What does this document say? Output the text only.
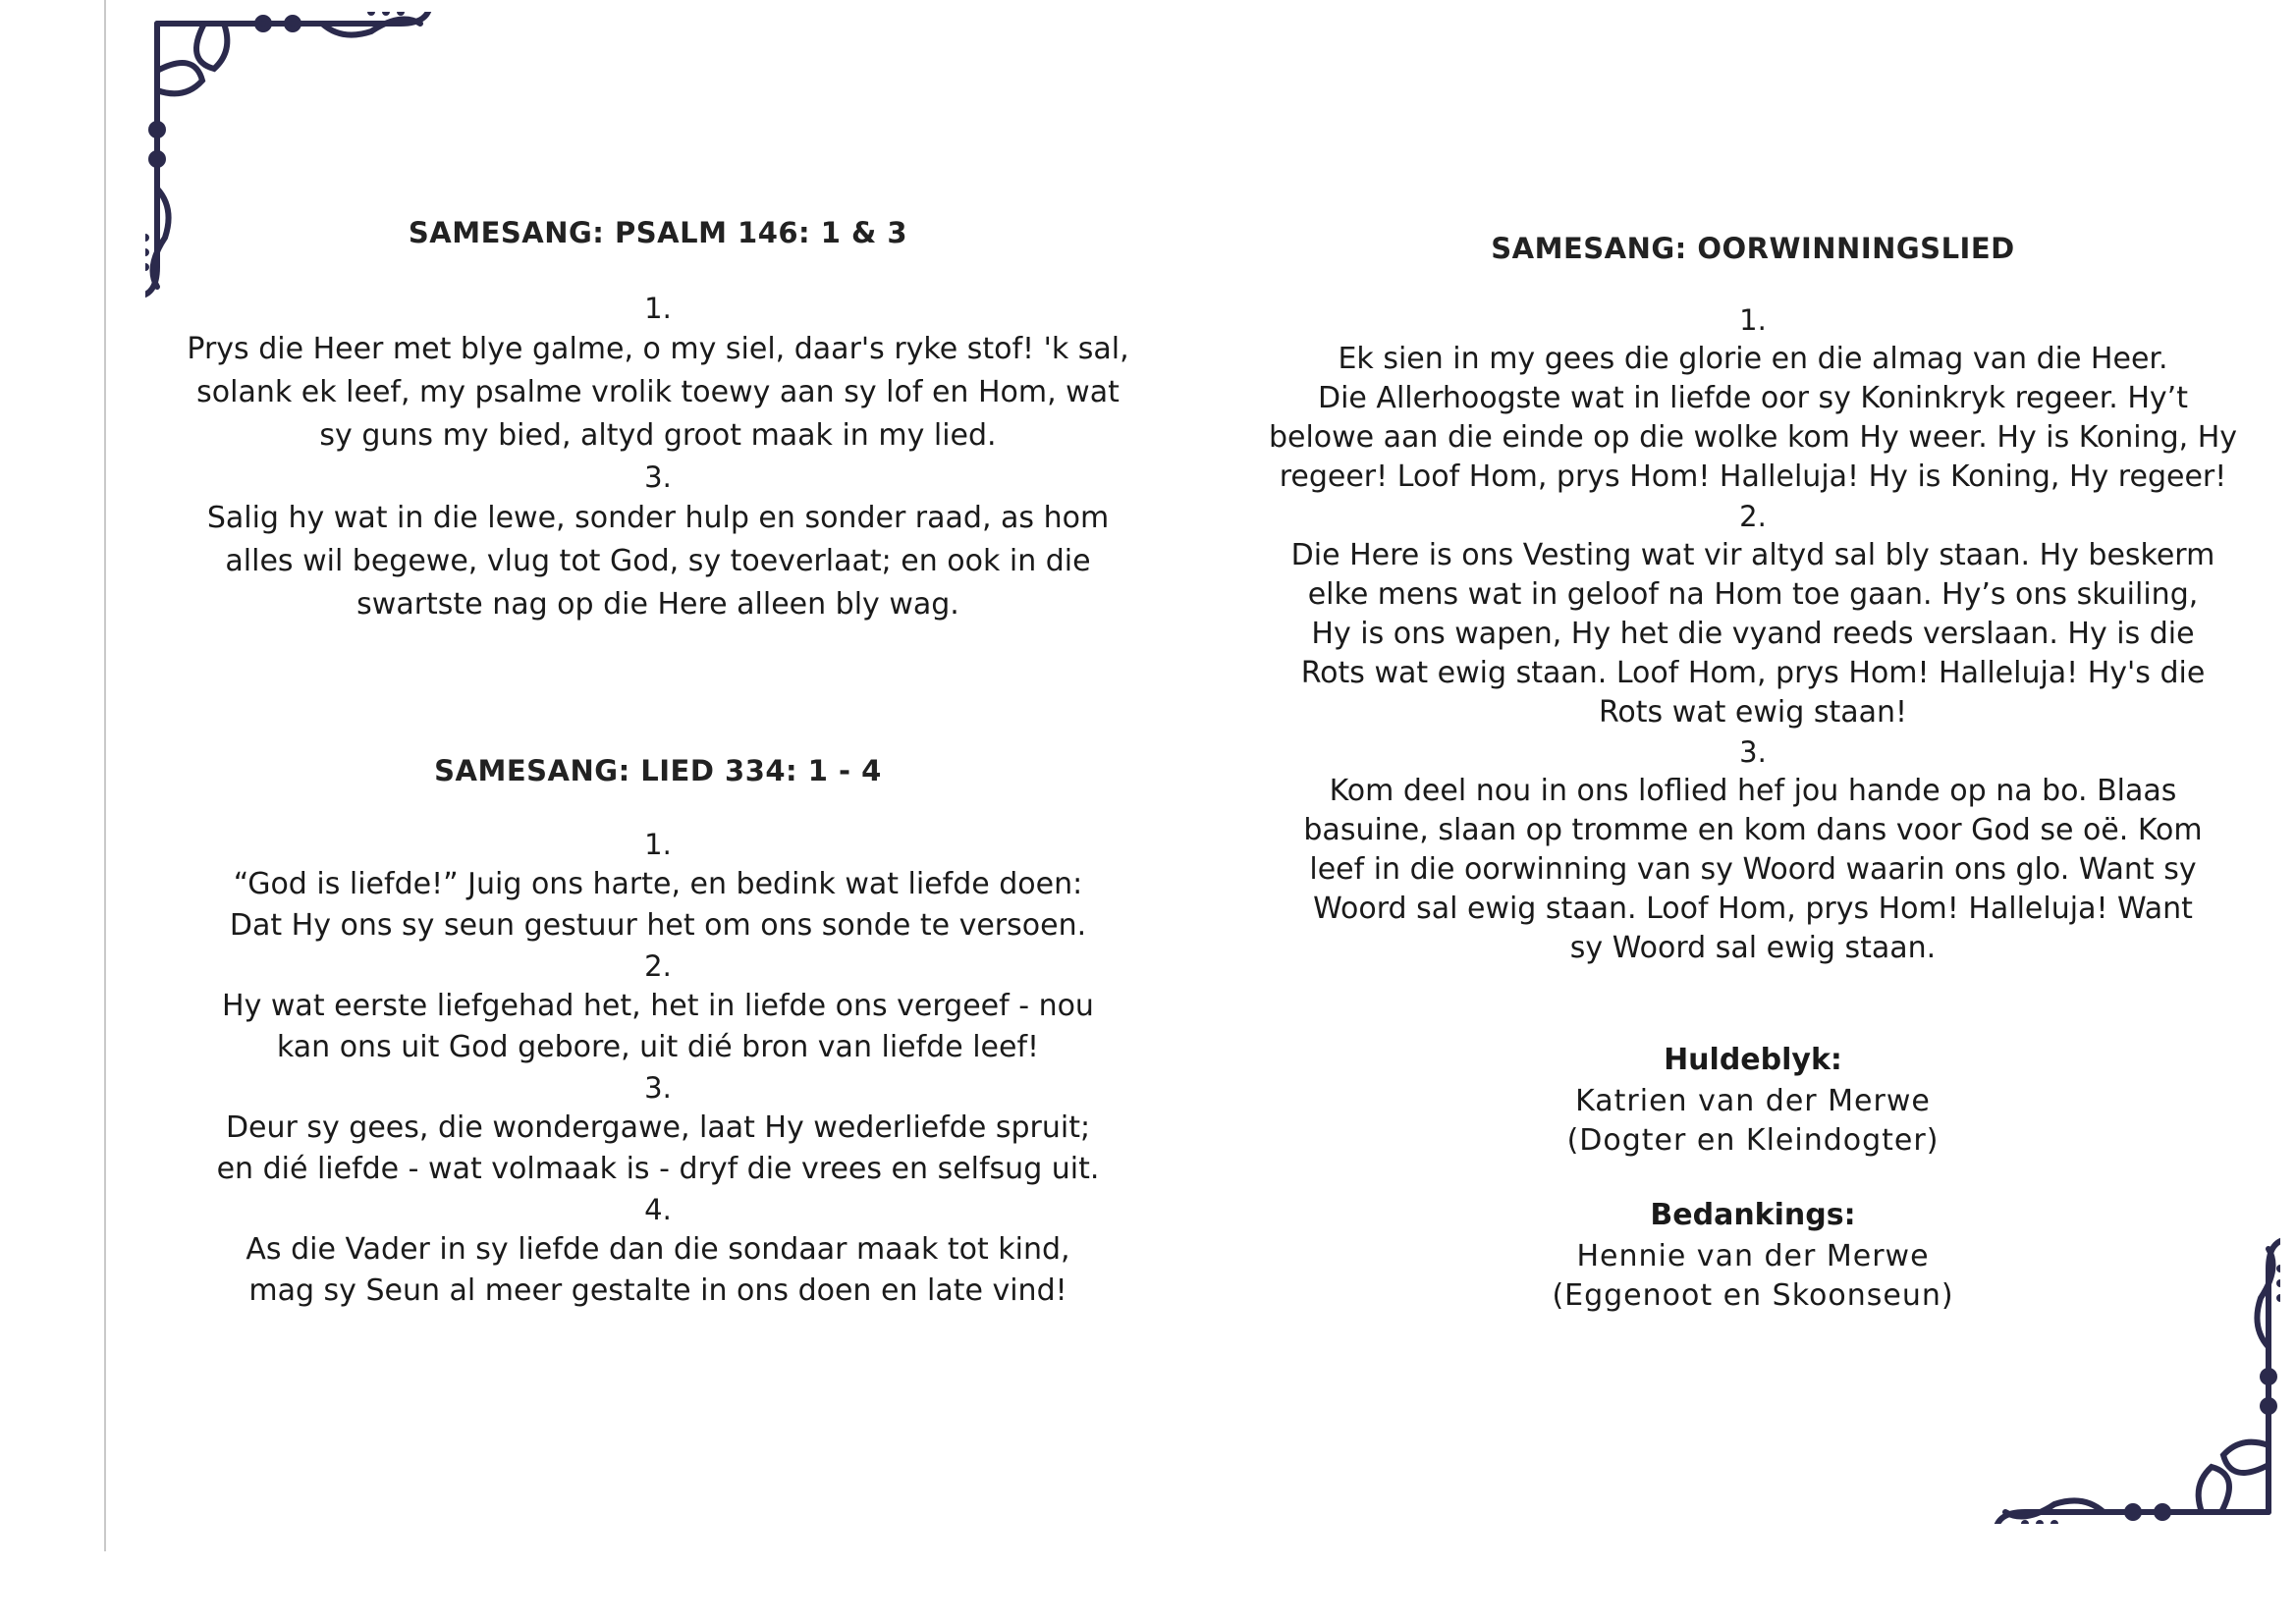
SAMESANG: PSALM 146: 1 & 3
1.
Prys die Heer met blye galme, o my siel, daar's ryke stof! 'k sal,
solank ek leef, my psalme vrolik toewy aan sy lof en Hom, wat
sy guns my bied, altyd groot maak in my lied.
3.
Salig hy wat in die lewe, sonder hulp en sonder raad, as hom
alles wil begewe, vlug tot God, sy toeverlaat; en ook in die
swartste nag op die Here alleen bly wag.
SAMESANG: LIED 334: 1 - 4
1.
“God is liefde!” Juig ons harte, en bedink wat liefde doen:
Dat Hy ons sy seun gestuur het om ons sonde te versoen.
2.
Hy wat eerste liefgehad het, het in liefde ons vergeef - nou
kan ons uit God gebore, uit dié bron van liefde leef!
3.
Deur sy gees, die wondergawe, laat Hy wederliefde spruit;
en dié liefde - wat volmaak is - dryf die vrees en selfsug uit.
4.
As die Vader in sy liefde dan die sondaar maak tot kind,
mag sy Seun al meer gestalte in ons doen en late vind!
SAMESANG: OORWINNINGSLIED
1.
Ek sien in my gees die glorie en die almag van die Heer.
Die Allerhoogste wat in liefde oor sy Koninkryk regeer. Hy’t
belowe aan die einde op die wolke kom Hy weer. Hy is Koning, Hy
regeer! Loof Hom, prys Hom! Halleluja! Hy is Koning, Hy regeer!
2.
Die Here is ons Vesting wat vir altyd sal bly staan. Hy beskerm
elke mens wat in geloof na Hom toe gaan. Hy’s ons skuiling,
Hy is ons wapen, Hy het die vyand reeds verslaan. Hy is die
Rots wat ewig staan. Loof Hom, prys Hom! Halleluja! Hy's die
Rots wat ewig staan!
3.
Kom deel nou in ons loflied hef jou hande op na bo. Blaas
basuine, slaan op tromme en kom dans voor God se oë. Kom
leef in die oorwinning van sy Woord waarin ons glo. Want sy
Woord sal ewig staan. Loof Hom, prys Hom! Halleluja! Want
sy Woord sal ewig staan.
Huldeblyk:
Katrien van der Merwe
(Dogter en Kleindogter)
Bedankings:
Hennie van der Merwe
(Eggenoot en Skoonseun)
